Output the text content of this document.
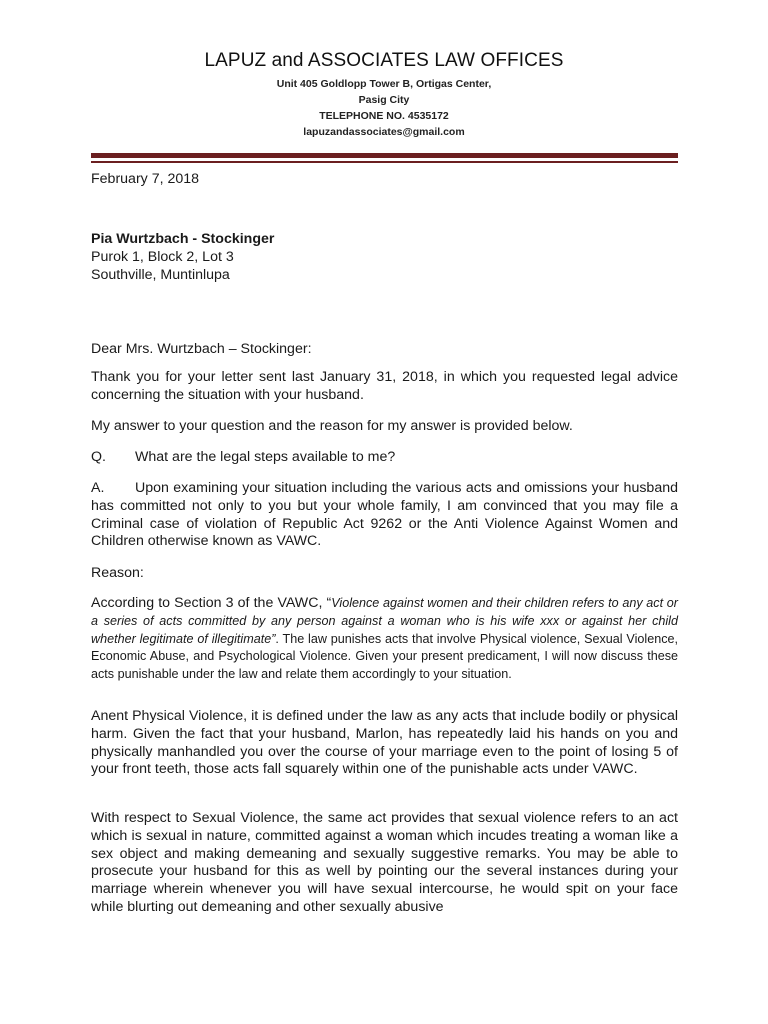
LAPUZ and ASSOCIATES LAW OFFICES
Unit 405 Goldlopp Tower B, Ortigas Center,
Pasig City
TELEPHONE NO. 4535172
lapuzandassociates@gmail.com
February 7, 2018
Pia Wurtzbach - Stockinger
Purok 1, Block 2, Lot 3
Southville, Muntinlupa
Dear Mrs. Wurtzbach – Stockinger:
Thank you for your letter sent last January 31, 2018, in which you requested legal advice concerning the situation with your husband.
My answer to your question and the reason for my answer is provided below.
Q. What are the legal steps available to me?
A. Upon examining your situation including the various acts and omissions your husband has committed not only to you but your whole family, I am convinced that you may file a Criminal case of violation of Republic Act 9262 or the Anti Violence Against Women and Children otherwise known as VAWC.
Reason:
According to Section 3 of the VAWC, “Violence against women and their children refers to any act or a series of acts committed by any person against a woman who is his wife xxx or against her child whether legitimate of illegitimate”. The law punishes acts that involve Physical violence, Sexual Violence, Economic Abuse, and Psychological Violence. Given your present predicament, I will now discuss these acts punishable under the law and relate them accordingly to your situation.
Anent Physical Violence, it is defined under the law as any acts that include bodily or physical harm. Given the fact that your husband, Marlon, has repeatedly laid his hands on you and physically manhandled you over the course of your marriage even to the point of losing 5 of your front teeth, those acts fall squarely within one of the punishable acts under VAWC.
With respect to Sexual Violence, the same act provides that sexual violence refers to an act which is sexual in nature, committed against a woman which incudes treating a woman like a sex object and making demeaning and sexually suggestive remarks. You may be able to prosecute your husband for this as well by pointing our the several instances during your marriage wherein whenever you will have sexual intercourse, he would spit on your face while blurting out demeaning and other sexually abusive
